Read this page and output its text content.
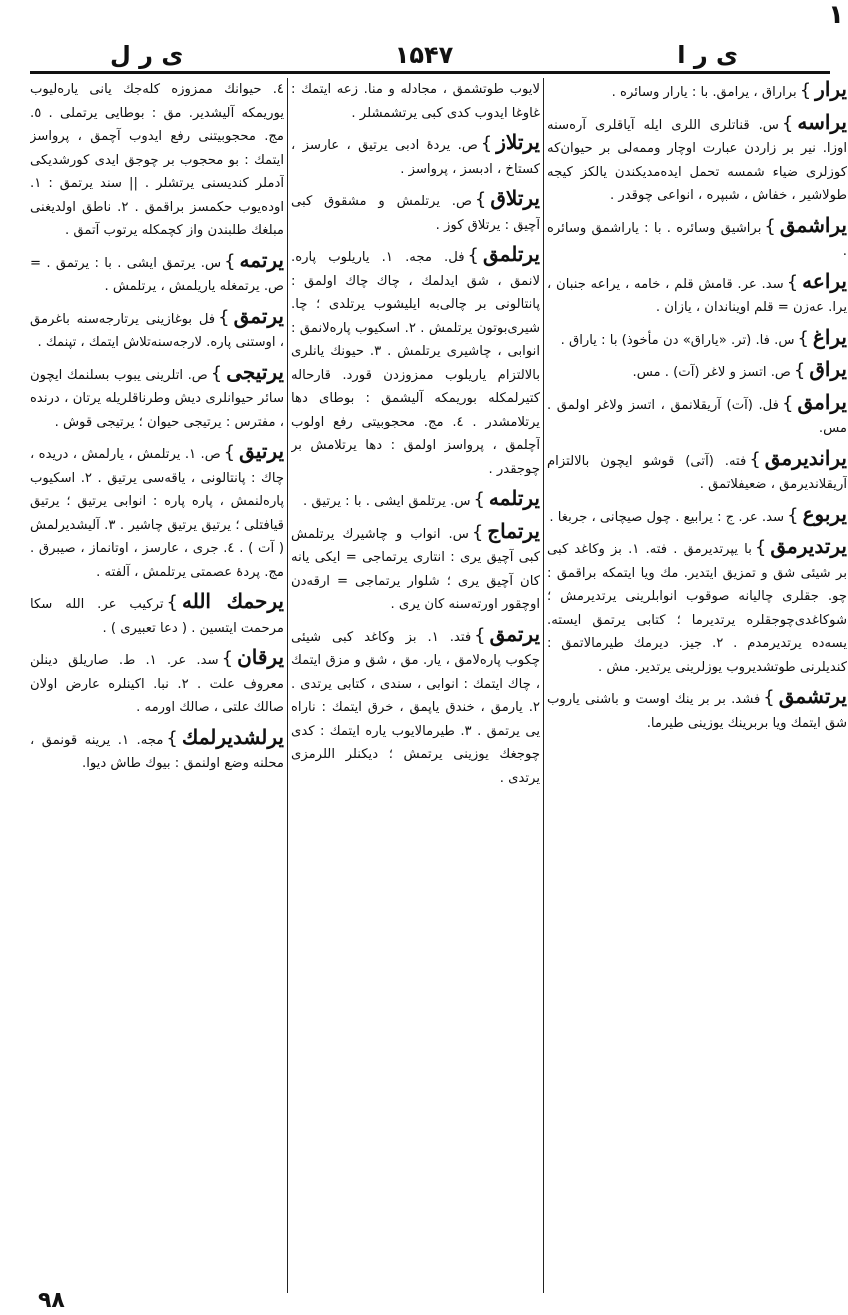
۱
ی ر ل	۱۵۴۷	ی ر ا

یرار}براراق ، یرامق. با : یارار وسائره .

یراسه}س. قناتلری اللری ایله آیاقلری آره‌سنه اوزا. نیر بر زاردن عبارت اوچار وممه‌لی بر حیوان‌که کوزلری ضیاء شمسه تحمل ایده‌مدیکندن یالکز کیجه طولاشیر ، خفاش ، شبپره ، انواعی چوقدر .

یراشمق}براشیق وسائره . با : یاراشمق وسائره .

یراعه}سد. عر. قامش قلم ، خامه ، یراعه جنبان ، یرا. عه‌زن = قلم اویناندان ، یازان .

یراغ}س. فا. (تر. «یاراق» دن مأخوذ) با : یاراق .

یراق}ص. اتسز و لاغر (آت) . مس.

یرامق}فل. (آت) آریقلانمق ، اتسز ولاغر اولمق . مس.

یراندیرمق}فته. (آتی) قوشو ایچون بالالتزام آریقلاندیرمق ، ضعیفلاتمق .

یربوع}سد. عر. ج : یرابیع . چول صیچانی ، جربغا .

یرتدیرمق}با یپرتدیرمق . فته. ۱. بز وکاغد کبی بر شیئی شق و تمزیق ایتدیر. مك ویا ایتمکه براقمق : چو. جقلری چالیانه صوقوب انوابلرینی یرتدیرمش ؛ شوکاغدی‌چوجقلره یرتدیرما ؛ کتابی یرتمق ایسته. یسه‌ده یرتدیرمدم . ۲. جیز. دیرمك طیرمالاتمق : کندیلرنی طوتشدیروب یوزلرینی یرتدیر. مش .

یرتشمق}فشد. بر بر ینك اوست و باشنی یاروب شق ایتمك ویا بربرینك یوزینی طیرما.

لایوب طوتشمق ، مجادله و منا. زعه ایتمك : غاوغا ایدوب کدی کبی یرتشمشلر .

یرتلاز}ص. یردهٔ ادبی یرتیق ، عارسز ، کستاخ ، ادبسز ، پرواسز .

یرتلاق}ص. یرتلمش و مشقوق کبی آچیق : یرتلاق کوز .

یرتلمق}فل. مجه. ۱. یاریلوب پاره. لانمق ، شق ایدلمك ، چاك چاك اولمق : پانتالونی بر چالی‌به ایلیشوب یرتلدی ؛ چا. شیری‌بوتون یرتلمش . ۲. اسکیوب پاره‌لانمق : انوابی ، چاشیری یرتلمش . ۳. حیونك یانلری بالالتزام یاریلوب ممزوزدن قورد. قارحاله کتیرلمکله‌ بوریمکه آلیشمق : بوطای دها یرتلامشدر . ٤. مج. محجوبیتی رفع اولوب آچلمق ، پرواسز اولمق : دها یرتلامش بر چوجقدر .

یرتلمه}س. یرتلمق ایشی . با : یرتیق .

یرتماج}س. انواب و چاشیرك یرتلمش کبی آچیق یری : انتاری یرتماجی = ایکی یانه کان آچیق یری ؛ شلوار یرتماجی = ارقه‌دن اوچقور اورته‌سنه کان یری .

یرتمق}فتد. ۱. بز وکاغد کبی شیئی چکوب پاره‌لامق ، یار. مق ، شق و مزق ایتمك ، چاك ایتمك : انوابی ، سندی ، کتابی یرتدی . ۲. یارمق ، خندق یاپمق ، خرق ایتمك : ناراه‌ یی یرتمق . ۳. طیرمالایوب یاره ایتمك : کدی چوجغك یوزینی یرتمش ؛ دیکنلر اللرمزی یرتدی .

٤. حیوانك ممزوزه کله‌جك یانی یاره‌لیوب یوریمکه آلیشدیر. مق : بوطایی یرتملی . ٥. مج. محجوبیتنی رفع ایدوب آچمق ، پرواسز ایتمك : بو محجوب بر چوجق ایدی کورشدیکی آدملر کندیسنی یرتشلر . || سند یرتمق : ۱. اوده‌یوب حکمسز براقمق . ۲. ناطق اولدیغنی مبلغك طلبندن واز کچمکله یرتوب آتمق .

یرتمه}س. یرتمق ایشی . با : یرتمق . = ص. یرتمغله یاریلمش ، یرتلمش .

یرتمق}فل بوغازینی‌ یرتارجه‌سنه باغرمق ، اوستنی پاره. لارجه‌سنه‌تلاش ایتمك ، تپنمك .

یرتیجی}ص. اتلرینی یبوب بسلنمك ایچون سائر حیوانلری دیش وطرناقلریله یرتان ، درنده ، مفترس : یرتیجی حیوان ؛ یرتیجی قوش .

یرتیق}ص. ۱. یرتلمش ، یارلمش ، دریده ، چاك : پانتالونی ، یاقه‌سی یرتیق . ۲. اسکیوب پاره‌لنمش ، پاره پاره : انوابی یرتیق ؛ یرتیق قیافتلی ؛ یرتیق یرتیق چاشیر . ۳. آلیشدیرلمش ( آت ) . ٤. جری ، عارسز ، اوتانماز ، صیبرق . مج. پردهٔ عصمتی یرتلمش ، آلفته .

یرحمك الله}ترکیب عر. الله سکا مرحمت ایتسین . ( دعا تعبیری ) .

یرقان}سد. عر. ۱. ط. صاریلق دینلن معروف علت . ۲. نبا. اکینلره عارض اولان صالك علتی ، صالك اورمه .

یرلشدیرلمك}مجه. ۱. یرینه قونمق ، محلنه وضع اولنمق : بیوك طاش دیوا.

۹۸
